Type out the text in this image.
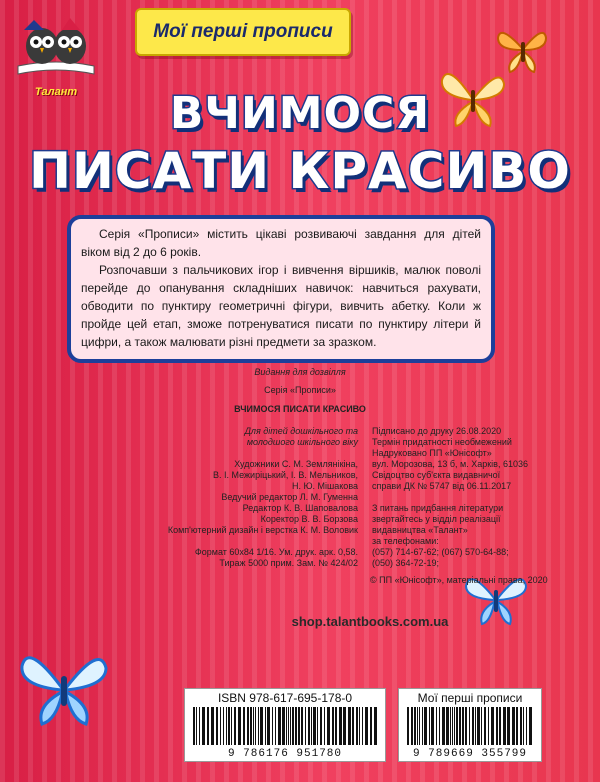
Талант
Мої перші прописи
ВЧИМОСЯ
ПИСАТИ КРАСИВО

Серія «Прописи» містить цікаві розвиваючі завдання для дітей віком від 2 до 6 років.

Розпочавши з пальчикових ігор і вивчення віршиків, малюк поволі перейде до опанування складніших навичок: навчиться рахувати, обводити по пунктиру геометричні фігури, вивчить абетку. Коли ж пройде цей етап, зможе потренуватися писати по пунктиру літери й цифри, а також малювати різні предмети за зразком.

Видання для дозвілля
Серія «Прописи»
ВЧИМОСЯ ПИСАТИ КРАСИВО
Для дітей дошкільного та
молодшого шкільного віку
Художники С. М. Землянікіна,
В. І. Межиріцький, І. В. Мельников,
Н. Ю. Мішакова
Ведучий редактор Л. М. Гуменна
Редактор К. В. Шаповалова
Коректор В. В. Борзова
Комп'ютерний дизайн і верстка К. М. Воловик
Формат 60x84 1/16. Ум. друк. арк. 0,58.
Тираж 5000 прим. Зам. № 424/02
Підписано до друку 26.08.2020
Термін придатності необмежений
Надруковано ПП «Юнісофт»
вул. Морозова, 13 б, м. Харків, 61036
Свідоцтво суб'єкта видавничої
справи ДК № 5747 від 06.11.2017
З питань придбання літератури
звертайтесь у відділ реалізації
видавництва «Талант»
за телефонами:
(057) 714-67-62; (067) 570-64-88;
(050) 364-72-19;
© ПП «Юнісофт», матеріальні права, 2020
shop.talantbooks.com.ua
ISBN 978-617-695-178-0
9 786176 951780
Мої перші прописи
9 789669 355799
